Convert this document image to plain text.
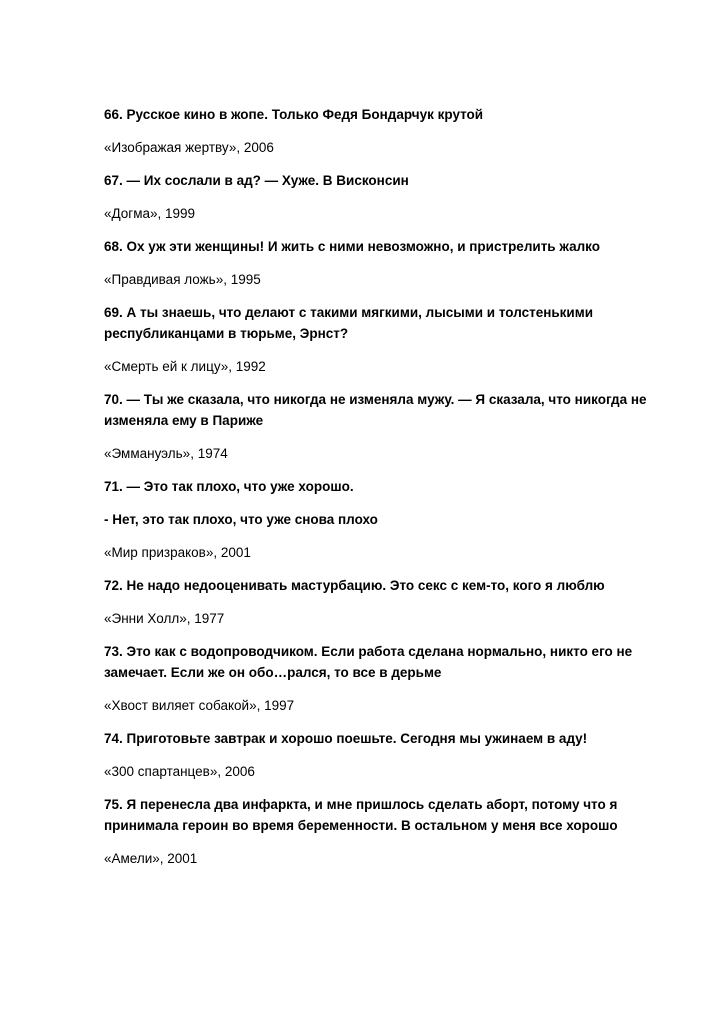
66. Русское кино в жопе. Только Федя Бондарчук крутой

«Изображая жертву», 2006

67. — Их сослали в ад? — Хуже. В Висконсин

«Догма», 1999

68. Ох уж эти женщины! И жить с ними невозможно, и пристрелить жалко

«Правдивая ложь», 1995

69. А ты знаешь, что делают с такими мягкими, лысыми и толстенькими республиканцами в тюрьме, Эрнст?

«Смерть ей к лицу», 1992

70. — Ты же сказала, что никогда не изменяла мужу. — Я сказала, что никогда не изменяла ему в Париже

«Эммануэль», 1974

71. — Это так плохо, что уже хорошо.

- Нет, это так плохо, что уже снова плохо

«Мир призраков», 2001

72. Не надо недооценивать мастурбацию. Это секс с кем-то, кого я люблю

«Энни Холл», 1977

73. Это как с водопроводчиком. Если работа сделана нормально, никто его не замечает. Если же он обо…рался, то все в дерьме

«Хвост виляет собакой», 1997

74. Приготовьте завтрак и хорошо поешьте. Сегодня мы ужинаем в аду!

«300 спартанцев», 2006

75. Я перенесла два инфаркта, и мне пришлось сделать аборт, потому что я принимала героин во время беременности. В остальном у меня все хорошо

«Амели», 2001
